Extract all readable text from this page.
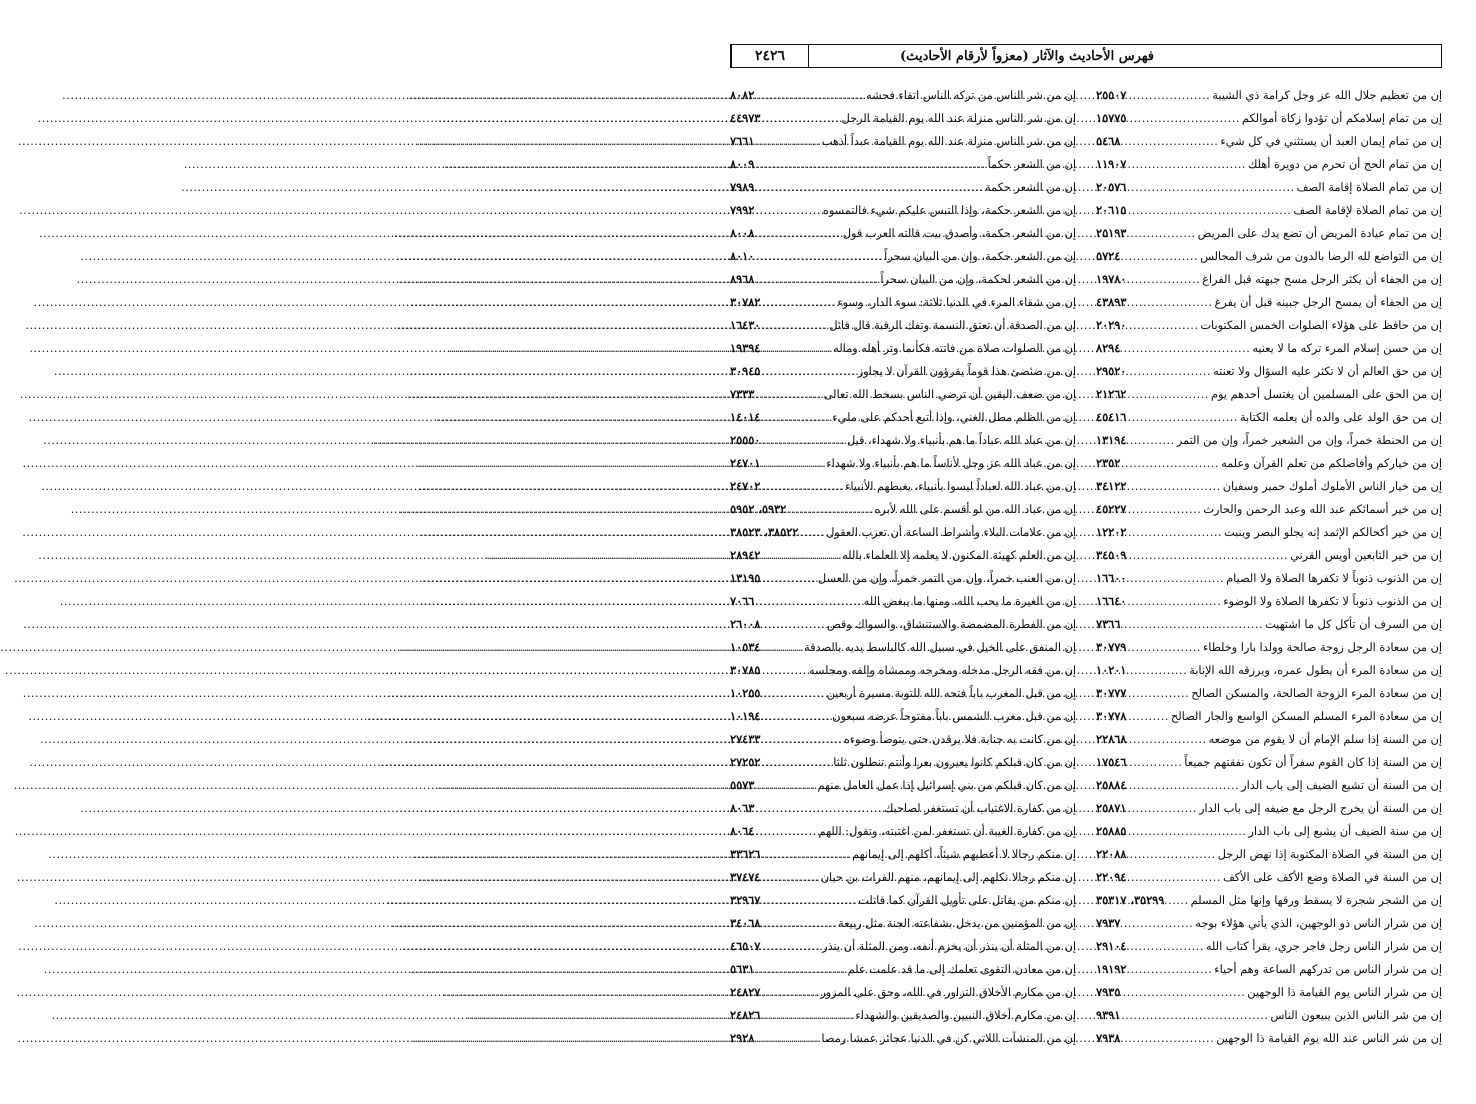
فهرس الأحاديث والآثار (معزواً لأرقام الأحاديث)
٢٤٢٦
إن من تعظيم جلال الله عز وجل كرامة ذي الشيبة
.....
٢٥٥٠٧
إن من تمام إسلامكم أن تؤدوا زكاة أموالكم
.....
١٥٧٧٥
إن من تمام إيمان العبد أن يستثني في كل شيء
.....
٥٤٦٨
إن من تمام الحج أن تحرم من دويرة أهلك
.....
١١٩٠٧
إن من تمام الصلاة إقامة الصف
.....
٢٠٥٧٦
إن من تمام الصلاة لإقامة الصف
.....
٢٠٦١٥
إن من تمام عيادة المريض أن تضع يدك على المريض
.....
٢٥١٩٣
إن من التواضع لله الرضا بالدون من شرف المجالس
.....
٥٧٢٤
إن من الجفاء أن يكثر الرجل مسح جبهته قبل الفراغ
.....
١٩٧٨٠
إن من الجفاء أن يمسح الرجل جبينه قبل أن يفرغ
.....
٤٣٨٩٣
إن من حافظ على هؤلاء الصلوات الخمس المكتوبات
.....
٢٠٢٩٠
إن من حسن إسلام المرء تركه ما لا يعنيه
.....
٨٢٩٤
إن من حق العالم أن لا تكثر عليه السؤال ولا تعنته
.....
٢٩٥٢٠
إن من الحق على المسلمين أن يغتسل أحدهم يوم
.....
٢١٢٦٢
إن من حق الولد على والده أن يعلمه الكتابة
.....
٤٥٤١٦
إن من الحنطة خمراً، وإن من الشعير خمراً، وإن من التمر
.....
١٣١٩٤
إن من خياركم وأفاضلكم من تعلم القرآن وعلمه
.....
٢٣٥٢
إن من خيار الناس الأملوك أملوك حمير وسفيان
.....
٣٤١٢٢
إن من خير أسمائكم عبد الله وعبد الرحمن والحارث
.....
٤٥٢٢٧
إن من خير أكحالكم الإثمد إنه يجلو البصر وينبت
.....
١٢٢٠٢
إن من خير التابعين أويس القرني
.....
٣٤٥٠٩
إن من الذنوب ذنوباً لا تكفرها الصلاة ولا الصيام
.....
١٦٦٠٠
إن من الذنوب ذنوباً لا تكفرها الصلاة ولا الوضوء
.....
١٦٦٤٠
إن من السرف أن تأكل كل ما اشتهيت
.....
٧٣٦٦
إن من سعادة الرجل زوجة صالحة وولدا بارا وخلطاء
.....
٣٠٧٧٩
إن من سعادة المرء أن يطول عمره، ويرزقه الله الإنابة
.....
١٠٢٠١
إن من سعادة المرء الزوجة الصالحة، والمسكن الصالح
.....
٣٠٧٧٧
إن من سعادة المرء المسلم المسكن الواسع والجار الصالح
.....
٣٠٧٧٨
إن من السنة إذا سلم الإمام أن لا يقوم من موضعه
.....
٢٢٨٦٨
إن من السنة إذا كان القوم سفراً أن تكون نفقتهم جميعاً
.....
١٧٥٤٦
إن من السنة أن تشيع الضيف إلى باب الدار
.....
٢٥٨٨٤
إن من السنة أن يخرج الرجل مع ضيفه إلى باب الدار
.....
٢٥٨٧١
إن من سنة الضيف أن يشيع إلى باب الدار
.....
٢٥٨٨٥
إن من السنة في الصلاة المكتوبة إذا نهض الرجل
.....
٢٢٠٨٨
إن من السنة في الصلاة وضع الأكف على الأكف
.....
٢٢٠٩٤
إن من الشجر شجرة لا يسقط ورقها وإنها مثل المسلم
.....
٣٥٢٩٩، ٣٥٣١٧
إن من شرار الناس ذو الوجهين، الذي يأتي هؤلاء بوجه
.....
٧٩٣٧
إن من شرار الناس رجل فاجر جري، يقرأ كتاب الله
.....
٢٩١٠٤
إن من شرار الناس من تدركهم الساعة وهم أحياء
.....
١٩١٩٢
إن من شرار الناس يوم القيامة ذا الوجهين
.....
٧٩٣٥
إن من شر الناس الذين يبيعون الناس
.....
٩٣٩١
إن من شر الناس عند الله يوم القيامة ذا الوجهين
.....
٧٩٣٨
إن من شر الناس من تركه الناس اتقاء فحشه
.....
٨٠٨٢
إن من شر الناس منزلة عند الله يوم القيامة الرجل
.....
٤٤٩٧٣
إن من شر الناس منزلة عند الله يوم القيامة عبداً أذهب
.....
٧٦٦١
إن من الشعر حكماً
.....
٨٠٠٩
إن من الشعر حكمة
.....
٧٩٨٩
إن من الشعر حكمة، وإذا التبس عليكم شيء فالتمسوه
.....
٧٩٩٢
إن من الشعر حكمة، وأصدق بيت قالته العرب قول
.....
٨٠٠٨
إن من الشعر حكمة، وإن من البيان سحراً
.....
٨٠١٠
إن من الشعر لحكمة، وإن من البيان سحراً
.....
٨٩٦٨
إن من شقاء المرء في الدنيا ثلاثة: سوء الدار، وسوء
.....
٣٠٧٨٢
إن من الصدقة أن تعتق النسمة وتفك الرقبة قال قائل
.....
١٦٤٣٠
إن من الصلوات صلاة من فاتته فكأنما وتر أهله وماله
.....
١٩٣٩٤
إن من ضئضئ هذا قوماً يقرؤون القرآن لا يجاوز
.....
٣٠٩٤٥
إن من ضعف اليقين أن ترضي الناس بسخط الله تعالى
.....
٧٣٣٣
إن من الظلم مطل الغني، وإذا أتبع أحدكم على مليء
.....
١٤٠١٤
إن من عباد الله عباداً ما هم بأنبياء ولا شهداء، قيل
.....
٢٥٥٥٠
إن من عباد الله عز وجل لأناساً ما هم بأنبياء ولا شهداء
.....
٢٤٧٠١
إن من عباد الله لعباداً ليسوا بأنبياء، يغبطهم الأنبياء
.....
٢٤٧٠٢
إن من عباد الله من لو أقسم على الله لأبره
.....
٥٩٣٢، ٥٩٥٢
إن من علامات البلاء وأشراط الساعة أن تعزب العقول
.....
٣٨٥٢٢، ٣٨٥٢٣
إن من العلم كهيئة المكنون لا يعلمه إلا العلماء بالله
.....
٢٨٩٤٢
إن من العنب خمراً، وإن من التمر خمراً، وإن من العسل
.....
١٣١٩٥
إن من الغيرة ما يحب الله، ومنها ما يبغض الله
.....
٧٠٦٦
إن من الفطرة المضمضة والاستنشاق، والسواك وقص
.....
٢٦٠٠٨
إن المنفق على الخيل في سبيل الله كالباسط يديه بالصدقة
.....
١٠٥٣٤
إن من فقه الرجل مدخله ومخرجه وممشاه وإلفه ومجلسه
.....
٣٠٧٨٥
إن من قبل المغرب باباً فتحه الله للتوبة مسيرة أربعين
.....
١٠٢٥٥
إن من قبل مغرب الشمس باباً مفتوحاً عرضه سبعون
.....
١٠١٩٤
إن من كانت به جنابة فلا يرقدن حتى يتوضأ وضوءه
.....
٢٧٤٣٣
إن من كان قبلكم كانوا يعيرون بعرا وأنتم تنطلون ثلثا
.....
٢٧٢٥٢
إن من كان قبلكم من بني إسرائيل إذا عمل العامل منهم
.....
٥٥٧٣
إن من كفارة الاغتياب أن تستغفر لصاحبك
.....
٨٠٦٣
إن من كفارة الغيبة أن تستغفر لمن اغتبته، وتقول: اللهم
.....
٨٠٦٤
إن منكم رجالا لا أعطيهم شيئاً، أكلهم إلى إيمانهم
.....
٣٣٦٢٦
إن منكم رجالا نكلهم إلى إيمانهم، منهم الفرات بن حيان
.....
٣٧٤٧٤
إن منكم من يقاتل على تأويل القرآن كما قاتلت
.....
٣٢٩٦٧
إن من المؤمنين من يدخل بشفاعته الجنة مثل ربيعة
.....
٣٤٠٦٨
إن من المثلة أن ينذر أن يخزم أنفه، ومن المثلة أن ينذر
.....
٤٦٥٠٧
إن من معادن التقوى تعلمك إلى ما قد علمت علم
.....
٥٦٣١
إن من مكارم الأخلاق التزاور في الله، وحق على المزور
.....
٢٤٨٢٧
إن من مكارم أخلاق النبيين والصديقين والشهداء
.....
٢٤٨٢٦
إن من المنشآت اللاتي كن في الدنيا عجائز عمشا رمصا
.....
٢٩٢٨
